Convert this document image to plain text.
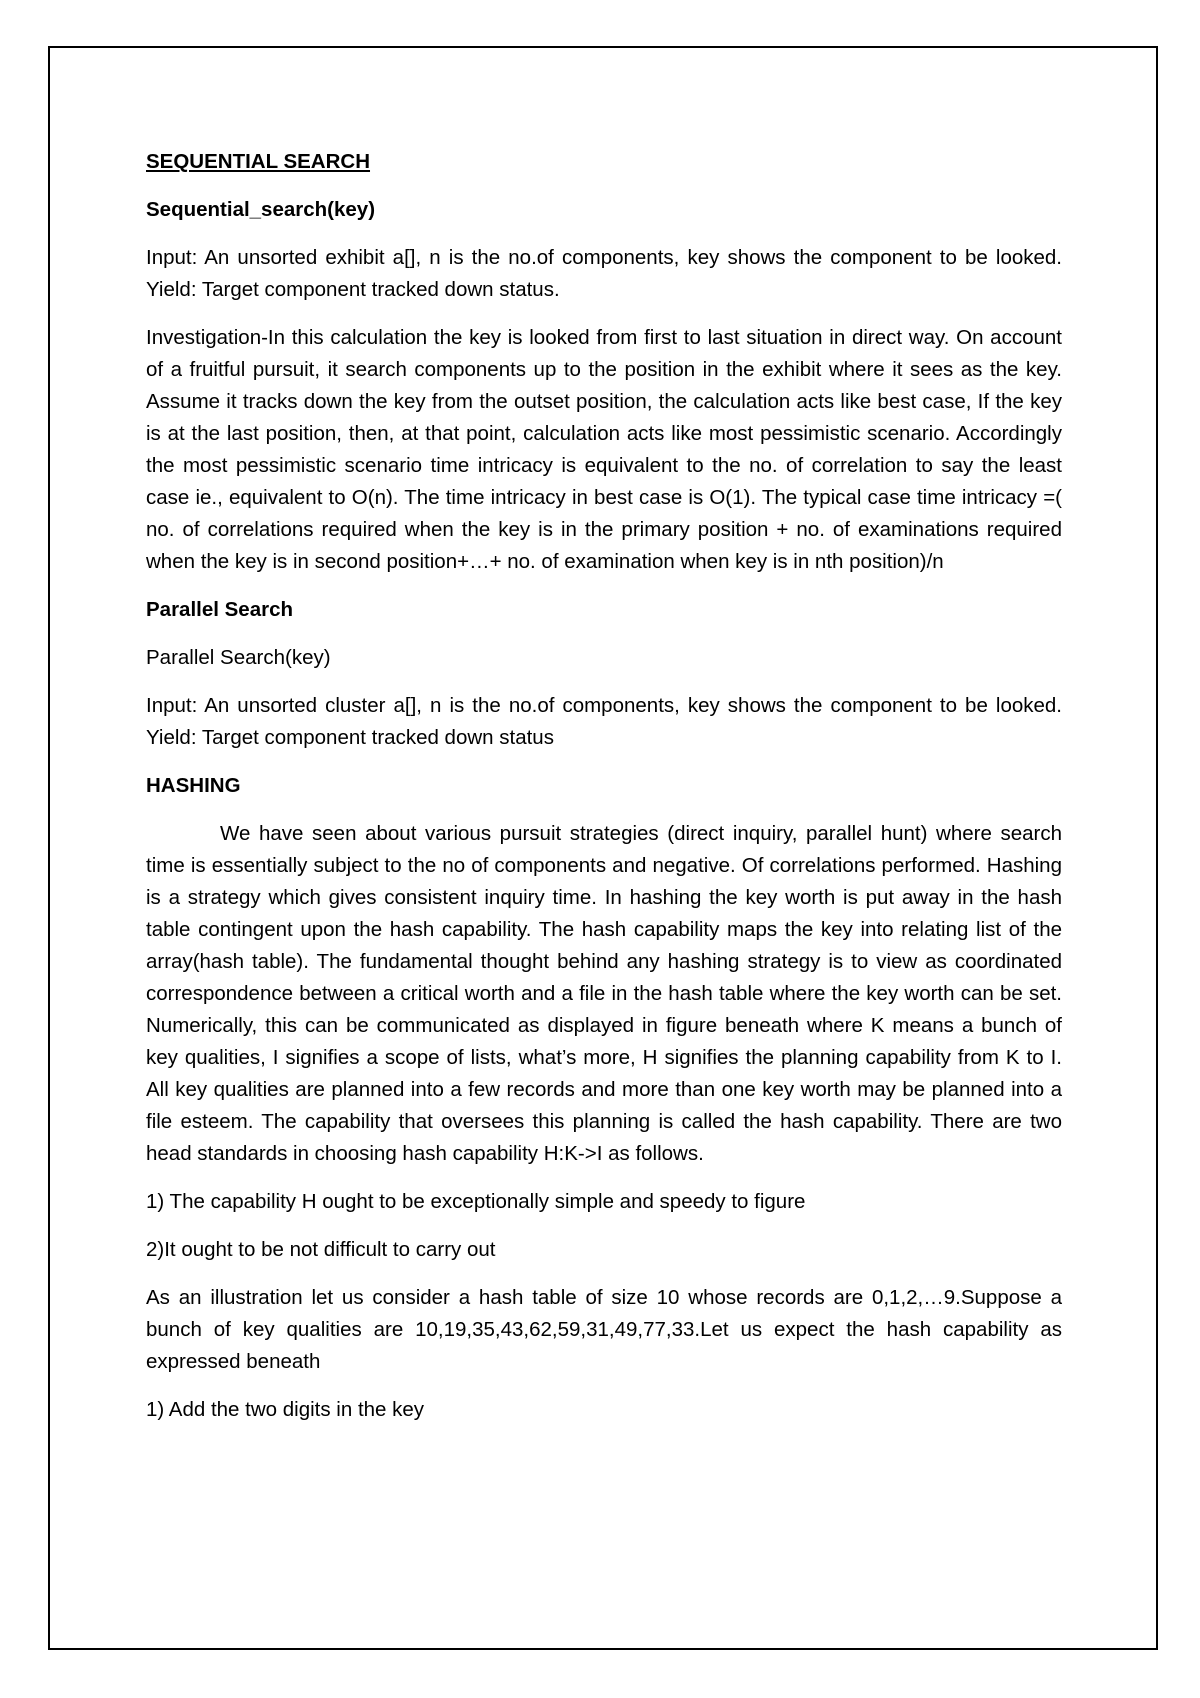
SEQUENTIAL SEARCH

Sequential_search(key)

Input: An unsorted exhibit a[], n is the no.of components, key shows the component to be looked. Yield: Target component tracked down status.

Investigation-In this calculation the key is looked from first to last situation in direct way. On account of a fruitful pursuit, it search components up to the position in the exhibit where it sees as the key. Assume it tracks down the key from the outset position, the calculation acts like best case, If the key is at the last position, then, at that point, calculation acts like most pessimistic scenario. Accordingly the most pessimistic scenario time intricacy is equivalent to the no. of correlation to say the least case ie., equivalent to O(n). The time intricacy in best case is O(1). The typical case time intricacy =( no. of correlations required when the key is in the primary position + no. of examinations required when the key is in second position+…+ no. of examination when key is in nth position)/n

Parallel Search

Parallel Search(key)

Input: An unsorted cluster a[], n is the no.of components, key shows the component to be looked. Yield: Target component tracked down status

HASHING

We have seen about various pursuit strategies (direct inquiry, parallel hunt) where search time is essentially subject to the no of components and negative. Of correlations performed. Hashing is a strategy which gives consistent inquiry time. In hashing the key worth is put away in the hash table contingent upon the hash capability. The hash capability maps the key into relating list of the array(hash table). The fundamental thought behind any hashing strategy is to view as coordinated correspondence between a critical worth and a file in the hash table where the key worth can be set. Numerically, this can be communicated as displayed in figure beneath where K means a bunch of key qualities, I signifies a scope of lists, what’s more, H signifies the planning capability from K to I. All key qualities are planned into a few records and more than one key worth may be planned into a file esteem. The capability that oversees this planning is called the hash capability. There are two head standards in choosing hash capability H:K->I as follows.

1) The capability H ought to be exceptionally simple and speedy to figure

2)It ought to be not difficult to carry out

As an illustration let us consider a hash table of size 10 whose records are 0,1,2,…9.Suppose a bunch of key qualities are 10,19,35,43,62,59,31,49,77,33.Let us expect the hash capability as expressed beneath

1) Add the two digits in the key
